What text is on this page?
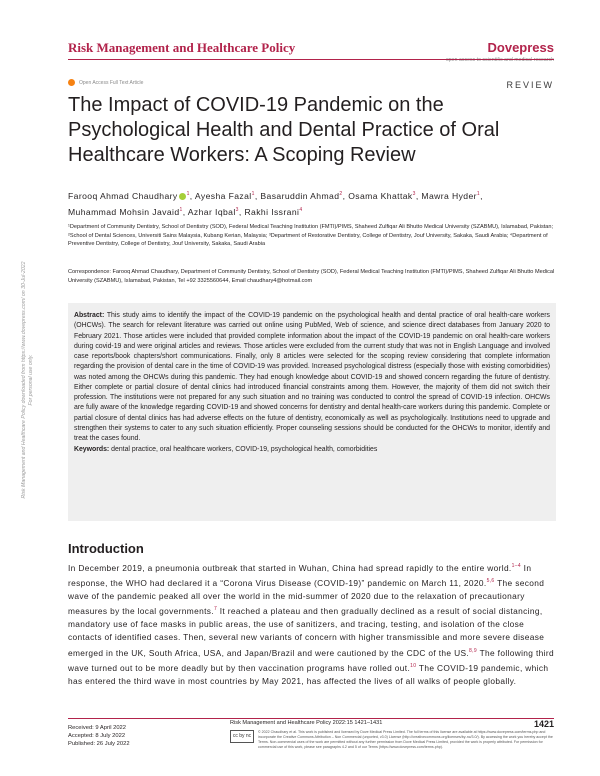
Risk Management and Healthcare Policy	Dovepress
open access to scientific and medical research
Open Access Full Text Article	REVIEW
The Impact of COVID-19 Pandemic on the Psychological Health and Dental Practice of Oral Healthcare Workers: A Scoping Review
Farooq Ahmad Chaudhary $^1$, Ayesha Fazal$^1$, Basaruddin Ahmad$^2$, Osama Khattak$^3$, Mawra Hyder$^1$,
Muhammad Mohsin Javaid$^1$, Azhar Iqbal$^3$, Rakhi Issrani$^4$
¹Department of Community Dentistry, School of Dentistry (SOD), Federal Medical Teaching Institution (FMTI)/PIMS, Shaheed Zulfiqar Ali Bhutto Medical University (SZABMU), Islamabad, Pakistan; ²School of Dental Sciences, Universiti Sains Malaysia, Kubang Kerian, Malaysia; ³Department of Restorative Dentistry, College of Dentistry, Jouf University, Sakaka, Saudi Arabia; ⁴Department of Preventive Dentistry, College of Dentistry, Jouf University, Sakaka, Saudi Arabia
Correspondence: Farooq Ahmad Chaudhary, Department of Community Dentistry, School of Dentistry (SOD), Federal Medical Teaching Institution (FMTI)/PIMS, Shaheed Zulfiqar Ali Bhutto Medical University (SZABMU), Islamabad, Pakistan, Tel +92 3325560644, Email chaudhary4@hotmail.com
Abstract: This study aims to identify the impact of the COVID-19 pandemic on the psychological health and dental practice of oral health-care workers (OHCWs). The search for relevant literature was carried out online using PubMed, Web of science, and science direct databases from January 2020 to February 2021. Those articles were included that provided complete information about the impact of the COVID-19 pandemic on oral health-care workers during covid-19 and were original articles and reviews. Those articles were excluded from the current study that was not in English Language and involved case reports/book chapters/short communications. Finally, only 8 articles were selected for the scoping review considering that complete information regarding the provision of dental care in the time of COVID-19 was provided. Increased psychological distress (especially those with existing comorbidities) was noted among the OHCWs during this pandemic. They had enough knowledge about COVID-19 and showed concern regarding the future of dentistry. Either complete or partial closure of dental clinics had introduced financial constraints among them. However, the majority of them did not switch their profession. The institutions were not prepared for any such situation and no training was conducted to control the spread of COVID-19 infection. OHCWs are fully aware of the knowledge regarding COVID-19 and showed concerns for dentistry and dental health-care workers during this pandemic. Complete or partial closure of dental clinics has had adverse effects on the future of dentistry, economically as well as psychologically. Institutions need to upgrade and strengthen their systems to cater to any such situation efficiently. Proper counseling sessions should be conducted for the OHCWs to monitor, identify and treat the cases found.
Keywords: dental practice, oral healthcare workers, COVID-19, psychological health, comorbidities
Introduction
In December 2019, a pneumonia outbreak that started in Wuhan, China had spread rapidly to the entire world.$^{1-4}$ In response, the WHO had declared it a “Corona Virus Disease (COVID-19)” pandemic on March 11, 2020.$^{5,6}$ The second wave of the pandemic peaked all over the world in the mid-summer of 2020 due to the relaxation of precautionary measures by the local governments.$^7$ It reached a plateau and then gradually declined as a result of social distancing, mandatory use of face masks in public areas, the use of sanitizers, and tracing, testing, and isolation of the close contacts of identified cases. Then, several new variants of concern with higher transmissible and more severe disease emerged in the UK, South Africa, USA, and Japan/Brazil and were cautioned by the CDC of the US.$^{8,9}$ The following third wave turned out to be more deadly but by then vaccination programs have rolled out.$^{10}$ The COVID-19 pandemic, which has entered the third wave in most countries by May 2021, has affected the lives of all walks of people globally.
Received: 9 April 2022
Accepted: 8 July 2022
Published: 26 July 2022
Risk Management and Healthcare Policy 2022:15 1421–1431	1421
cc by nc
© 2022 Chaudhary et al. This work is published and licensed by Dove Medical Press Limited. The full terms of this license are available at https://www.dovepress.com/terms.php and incorporate the Creative Commons Attribution – Non Commercial (unported, v3.0) License (http://creativecommons.org/licenses/by-nc/3.0/). By accessing the work you hereby accept the Terms. Non-commercial uses of the work are permitted without any further permission from Dove Medical Press Limited, provided the work is properly attributed. For permission for commercial use of this work, please see paragraphs 4.2 and 5 of our Terms (https://www.dovepress.com/terms.php).
Risk Management and Healthcare Policy downloaded from https://www.dovepress.com/ on 30-Jul-2022 For personal use only.
